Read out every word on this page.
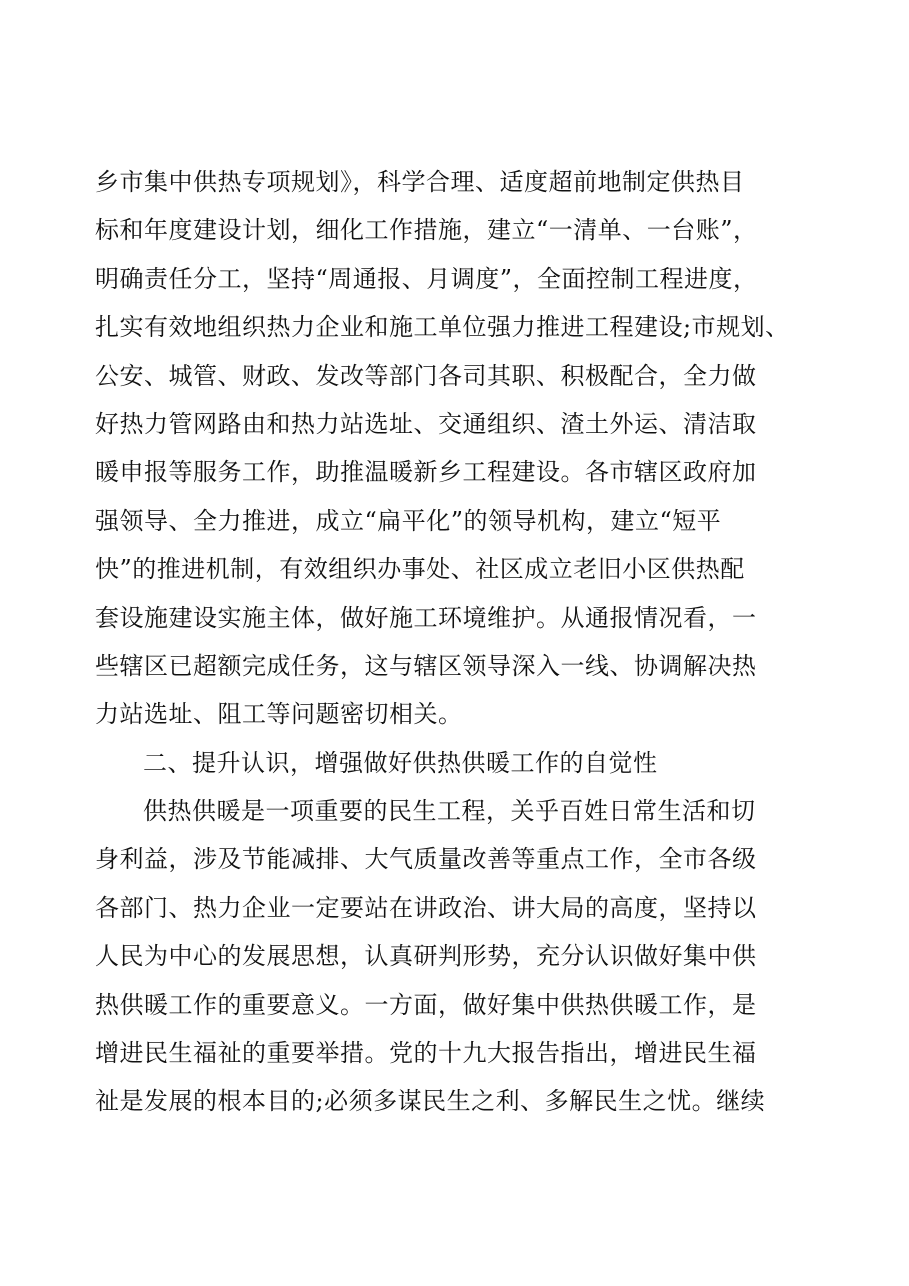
乡市集中供热专项规划》，科学合理、适度超前地制定供热目
标和年度建设计划，细化工作措施，建立“一清单、一台账”，
明确责任分工，坚持“周通报、月调度”，全面控制工程进度，
扎实有效地组织热力企业和施工单位强力推进工程建设;市规划、
公安、城管、财政、发改等部门各司其职、积极配合，全力做
好热力管网路由和热力站选址、交通组织、渣土外运、清洁取
暖申报等服务工作，助推温暖新乡工程建设。各市辖区政府加
强领导、全力推进，成立“扁平化”的领导机构，建立“短平
快”的推进机制，有效组织办事处、社区成立老旧小区供热配
套设施建设实施主体，做好施工环境维护。从通报情况看，一
些辖区已超额完成任务，这与辖区领导深入一线、协调解决热
力站选址、阻工等问题密切相关。
二、提升认识，增强做好供热供暖工作的自觉性
供热供暖是一项重要的民生工程，关乎百姓日常生活和切
身利益，涉及节能减排、大气质量改善等重点工作，全市各级
各部门、热力企业一定要站在讲政治、讲大局的高度，坚持以
人民为中心的发展思想，认真研判形势，充分认识做好集中供
热供暖工作的重要意义。一方面，做好集中供热供暖工作，是
增进民生福祉的重要举措。党的十九大报告指出，增进民生福
祉是发展的根本目的;必须多谋民生之利、多解民生之忧。继续
